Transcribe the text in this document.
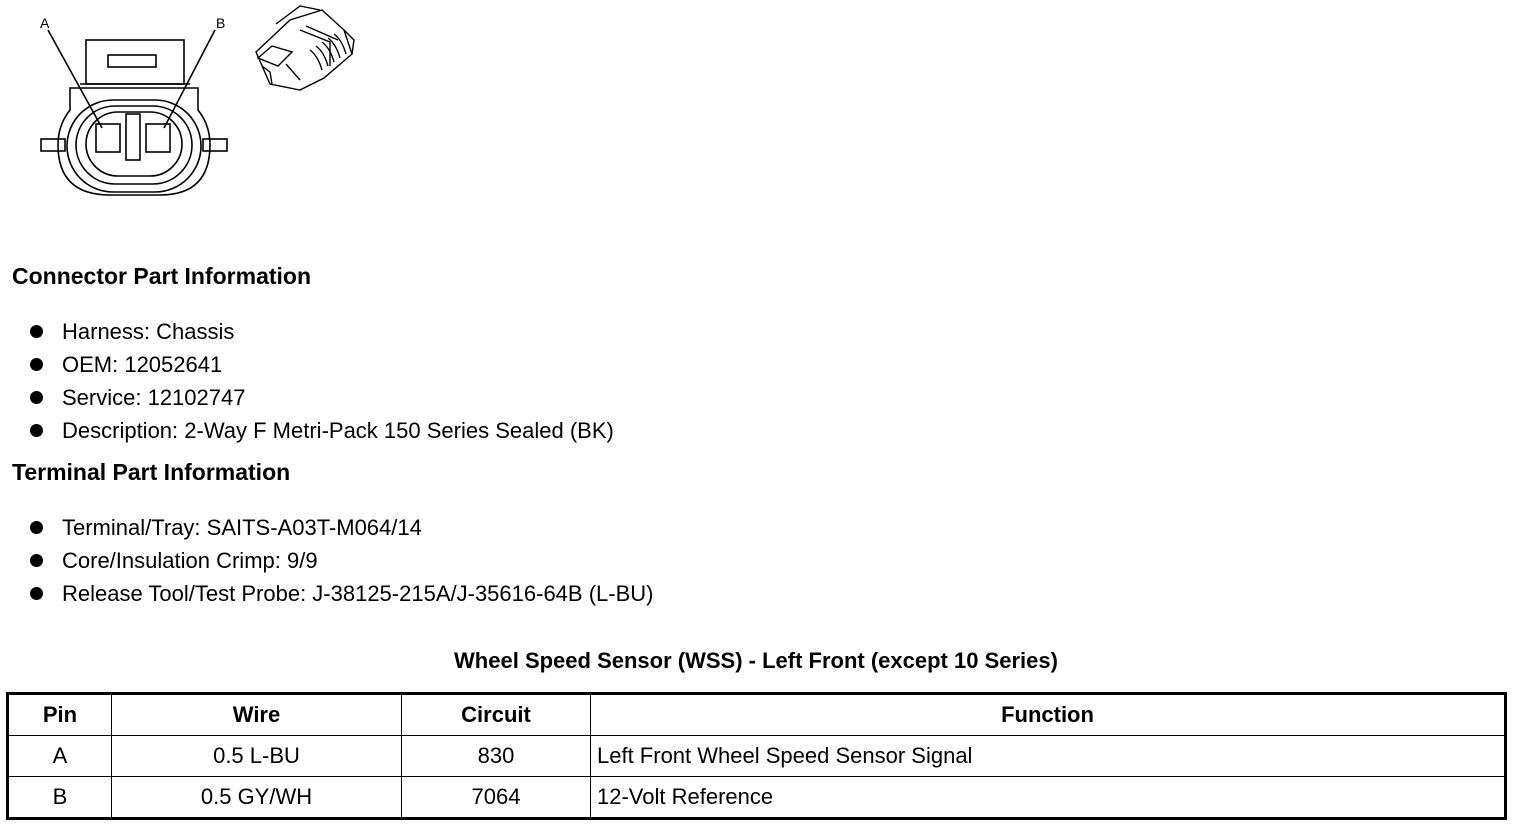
A	B
Connector Part Information
Harness: Chassis
OEM: 12052641
Service: 12102747
Description: 2-Way F Metri-Pack 150 Series Sealed (BK)
Terminal Part Information
Terminal/Tray: SAITS-A03T-M064/14
Core/Insulation Crimp: 9/9
Release Tool/Test Probe: J-38125-215A/J-35616-64B (L-BU)
Wheel Speed Sensor (WSS) - Left Front (except 10 Series)
Pin	Wire	Circuit	Function
A	0.5 L-BU	830	Left Front Wheel Speed Sensor Signal
B	0.5 GY/WH	7064	12-Volt Reference
